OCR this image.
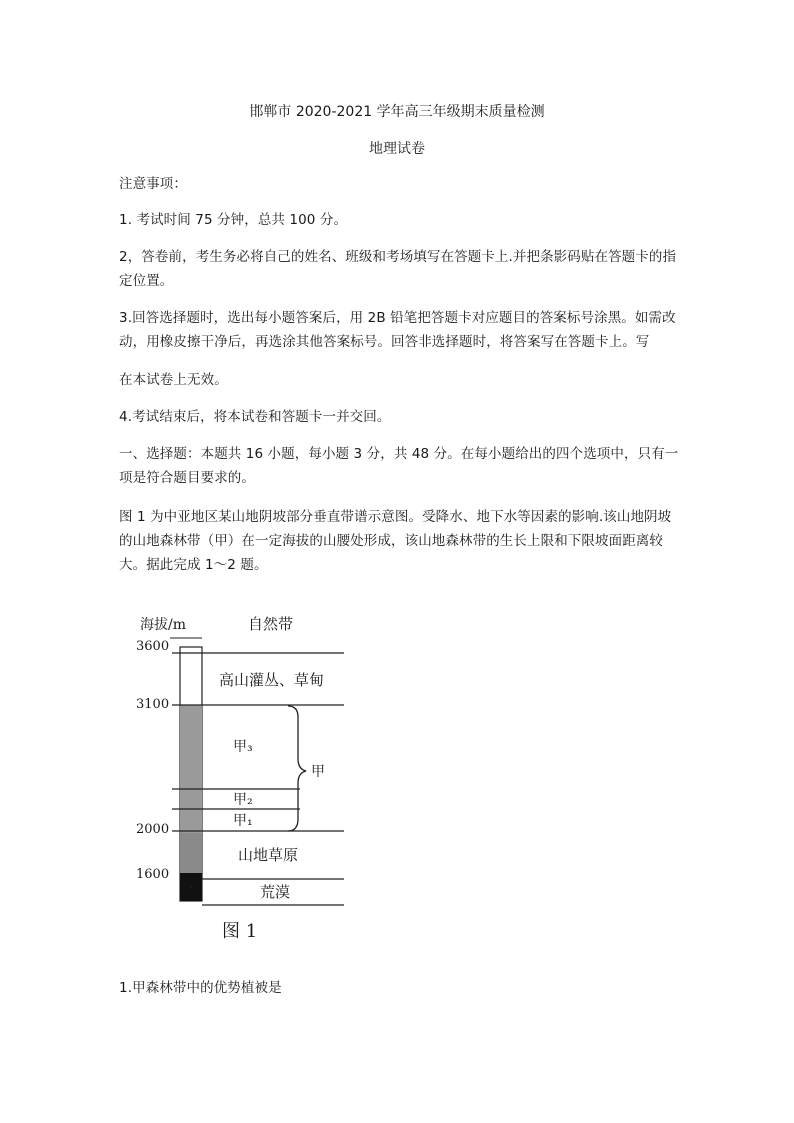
邯郸市 2020-2021 学年高三年级期末质量检测
地理试卷
注意事项：
1. 考试时间 75 分钟，总共 100 分。
2，答卷前，考生务必将自己的姓名、班级和考场填写在答题卡上.并把条影码贴在答题卡的指定位置。
3.回答选择题时，选出每小题答案后，用 2B 铅笔把答题卡对应题目的答案标号涂黑。如需改动，用橡皮擦干净后，再选涂其他答案标号。回答非选择题时，将答案写在答题卡上。写
在本试卷上无效。
4.考试结束后，将本试卷和答题卡一并交回。
一、选择题：本题共 16 小题，每小题 3 分，共 48 分。在每小题给出的四个选项中，只有一项是符合题目要求的。
图 1 为中亚地区某山地阴坡部分垂直带谱示意图。受降水、地下水等因素的影响.该山地阴坡的山地森林带（甲）在一定海拔的山腰处形成，该山地森林带的生长上限和下限坡面距离较大。据此完成 1～2 题。
海拔/m	自然带
✦
3600
3100
2000
1600
高山灌丛、草甸
甲₃
甲₂
甲₁
山地草原
荒漠
甲
图 1
1.甲森林带中的优势植被是
